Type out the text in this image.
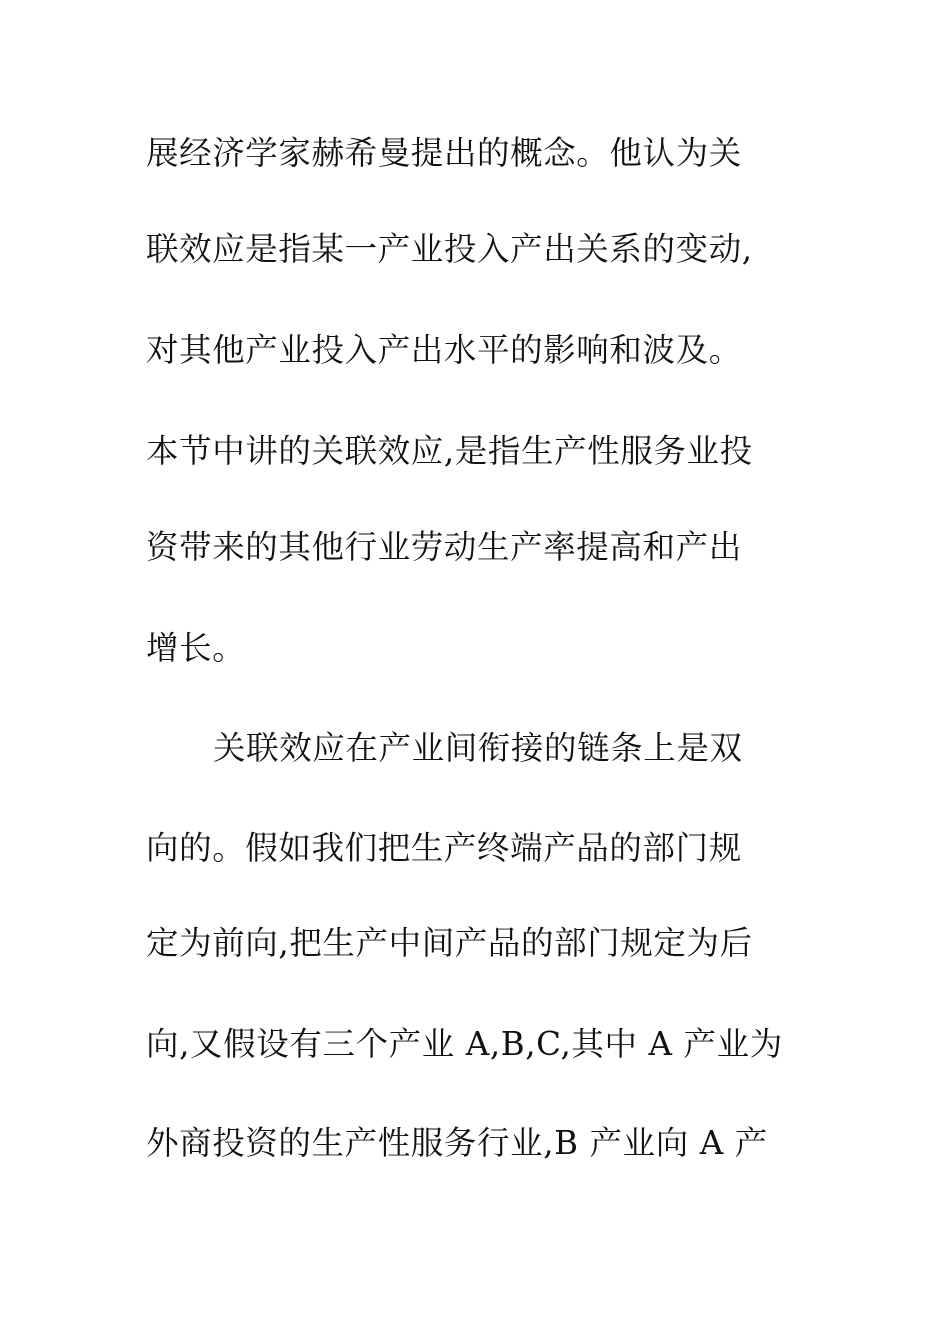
展经济学家赫希曼提出的概念。他认为关
联效应是指某一产业投入产出关系的变动,
对其他产业投入产出水平的影响和波及。
本节中讲的关联效应,是指生产性服务业投
资带来的其他行业劳动生产率提高和产出
增长。
关联效应在产业间衔接的链条上是双
向的。假如我们把生产终端产品的部门规
定为前向,把生产中间产品的部门规定为后
向,又假设有三个产业 A,B,C,其中 A 产业为
外商投资的生产性服务行业,B 产业向 A 产
